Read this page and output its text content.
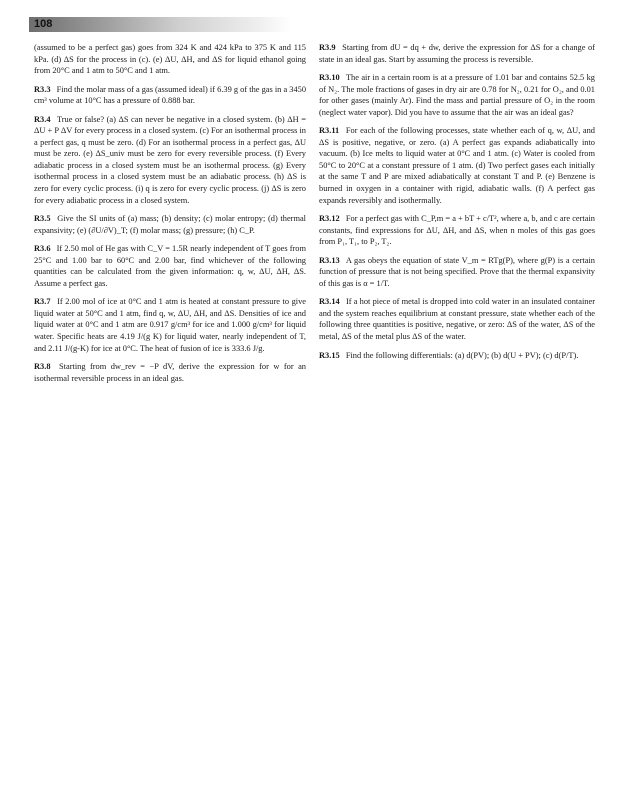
108

(assumed to be a perfect gas) goes from 324 K and 424 kPa to 375 K and 115 kPa. (d) ΔS for the process in (c). (e) ΔU, ΔH, and ΔS for liquid ethanol going from 20°C and 1 atm to 50°C and 1 atm.

R3.3 Find the molar mass of a gas (assumed ideal) if 6.39 g of the gas in a 3450 cm³ volume at 10°C has a pressure of 0.888 bar.

R3.4 True or false? (a) ΔS can never be negative in a closed system. (b) ΔH = ΔU + P ΔV for every process in a closed system. (c) For an isothermal process in a perfect gas, q must be zero. (d) For an isothermal process in a perfect gas, ΔU must be zero. (e) ΔS_univ must be zero for every reversible process. (f) Every adiabatic process in a closed system must be an isothermal process. (g) Every isothermal process in a closed system must be an adiabatic process. (h) ΔS is zero for every cyclic process. (i) q is zero for every cyclic process. (j) ΔS is zero for every adiabatic process in a closed system.

R3.5 Give the SI units of (a) mass; (b) density; (c) molar entropy; (d) thermal expansivity; (e) (∂U/∂V)_T; (f) molar mass; (g) pressure; (h) C_P.

R3.6 If 2.50 mol of He gas with C_V = 1.5R nearly independent of T goes from 25°C and 1.00 bar to 60°C and 2.00 bar, find whichever of the following quantities can be calculated from the given information: q, w, ΔU, ΔH, ΔS. Assume a perfect gas.

R3.7 If 2.00 mol of ice at 0°C and 1 atm is heated at constant pressure to give liquid water at 50°C and 1 atm, find q, w, ΔU, ΔH, and ΔS. Densities of ice and liquid water at 0°C and 1 atm are 0.917 g/cm³ for ice and 1.000 g/cm³ for liquid water. Specific heats are 4.19 J/(g K) for liquid water, nearly independent of T, and 2.11 J/(g-K) for ice at 0°C. The heat of fusion of ice is 333.6 J/g.

R3.8 Starting from dw_rev = −P dV, derive the expression for w for an isothermal reversible process in an ideal gas.

R3.9 Starting from dU = dq + dw, derive the expression for ΔS for a change of state in an ideal gas. Start by assuming the process is reversible.

R3.10 The air in a certain room is at a pressure of 1.01 bar and contains 52.5 kg of N₂. The mole fractions of gases in dry air are 0.78 for N₂, 0.21 for O₂, and 0.01 for other gases (mainly Ar). Find the mass and partial pressure of O₂ in the room (neglect water vapor). Did you have to assume that the air was an ideal gas?

R3.11 For each of the following processes, state whether each of q, w, ΔU, and ΔS is positive, negative, or zero. (a) A perfect gas expands adiabatically into vacuum. (b) Ice melts to liquid water at 0°C and 1 atm. (c) Water is cooled from 50°C to 20°C at a constant pressure of 1 atm. (d) Two perfect gases each initially at the same T and P are mixed adiabatically at constant T and P. (e) Benzene is burned in oxygen in a container with rigid, adiabatic walls. (f) A perfect gas expands reversibly and isothermally.

R3.12 For a perfect gas with C_P,m = a + bT + c/T², where a, b, and c are certain constants, find expressions for ΔU, ΔH, and ΔS, when n moles of this gas goes from P₁, T₁, to P₂, T₂.

R3.13 A gas obeys the equation of state V_m = RTg(P), where g(P) is a certain function of pressure that is not being specified. Prove that the thermal expansivity of this gas is α = 1/T.

R3.14 If a hot piece of metal is dropped into cold water in an insulated container and the system reaches equilibrium at constant pressure, state whether each of the following three quantities is positive, negative, or zero: ΔS of the water, ΔS of the metal, ΔS of the metal plus ΔS of the water.

R3.15 Find the following differentials: (a) d(PV); (b) d(U + PV); (c) d(P/T).
